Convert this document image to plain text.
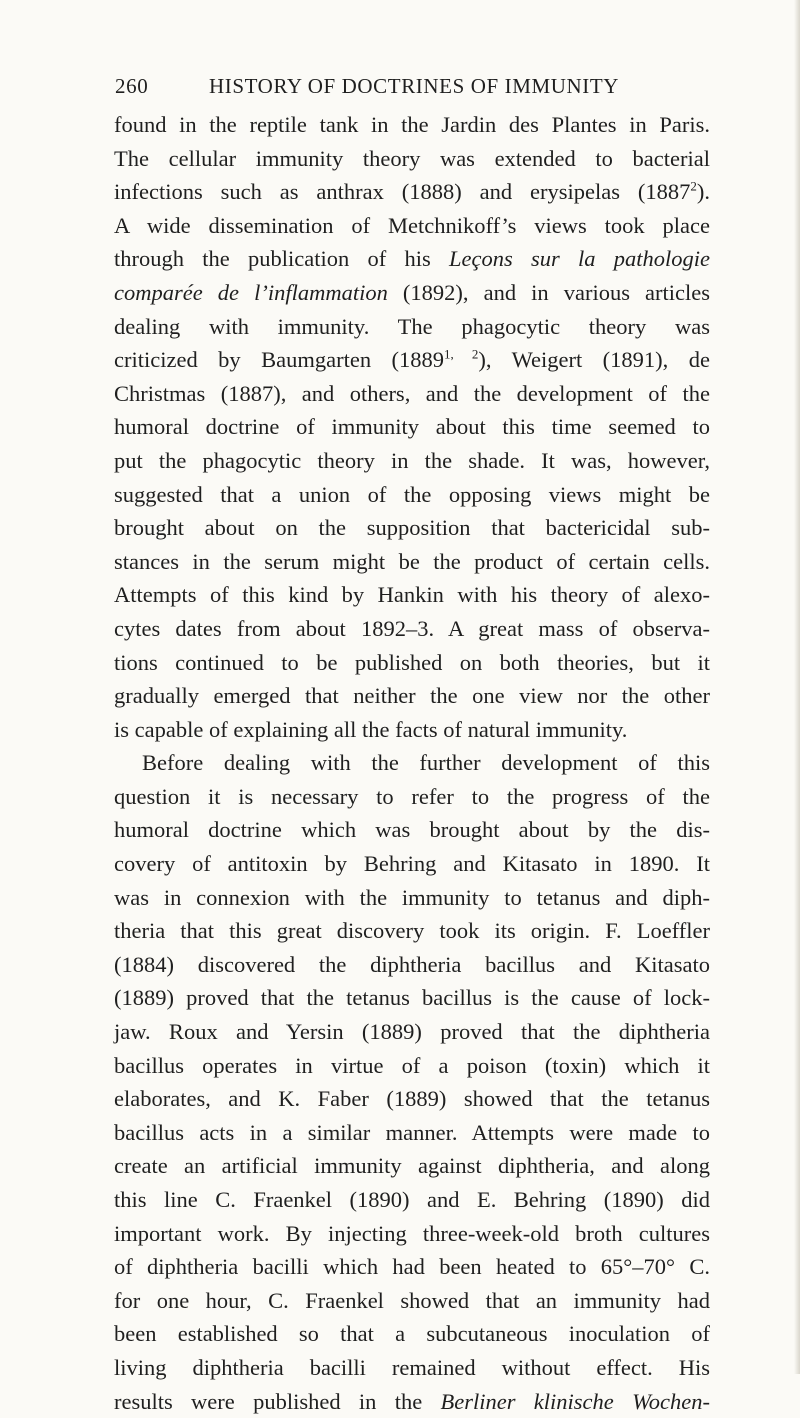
260	HISTORY OF DOCTRINES OF IMMUNITY
found in the reptile tank in the Jardin des Plantes in Paris.
The cellular immunity theory was extended to bacterial
infections such as anthrax (1888) and erysipelas (1887$^2$).
A wide dissemination of Metchnikoff’s views took place
through the publication of his Leçons sur la pathologie
comparée de l’inflammation (1892), and in various articles
dealing with immunity. The phagocytic theory was
criticized by Baumgarten (1889$^{1, 2}$), Weigert (1891), de
Christmas (1887), and others, and the development of the
humoral doctrine of immunity about this time seemed to
put the phagocytic theory in the shade. It was, however,
suggested that a union of the opposing views might be
brought about on the supposition that bactericidal sub-
stances in the serum might be the product of certain cells.
Attempts of this kind by Hankin with his theory of alexo-
cytes dates from about 1892–3. A great mass of observa-
tions continued to be published on both theories, but it
gradually emerged that neither the one view nor the other
is capable of explaining all the facts of natural immunity.
Before dealing with the further development of this
question it is necessary to refer to the progress of the
humoral doctrine which was brought about by the dis-
covery of antitoxin by Behring and Kitasato in 1890. It
was in connexion with the immunity to tetanus and diph-
theria that this great discovery took its origin. F. Loeffler
(1884) discovered the diphtheria bacillus and Kitasato
(1889) proved that the tetanus bacillus is the cause of lock-
jaw. Roux and Yersin (1889) proved that the diphtheria
bacillus operates in virtue of a poison (toxin) which it
elaborates, and K. Faber (1889) showed that the tetanus
bacillus acts in a similar manner. Attempts were made to
create an artificial immunity against diphtheria, and along
this line C. Fraenkel (1890) and E. Behring (1890) did
important work. By injecting three-week-old broth cultures
of diphtheria bacilli which had been heated to 65°–70° C.
for one hour, C. Fraenkel showed that an immunity had
been established so that a subcutaneous inoculation of
living diphtheria bacilli remained without effect. His
results were published in the Berliner klinische Wochen-
